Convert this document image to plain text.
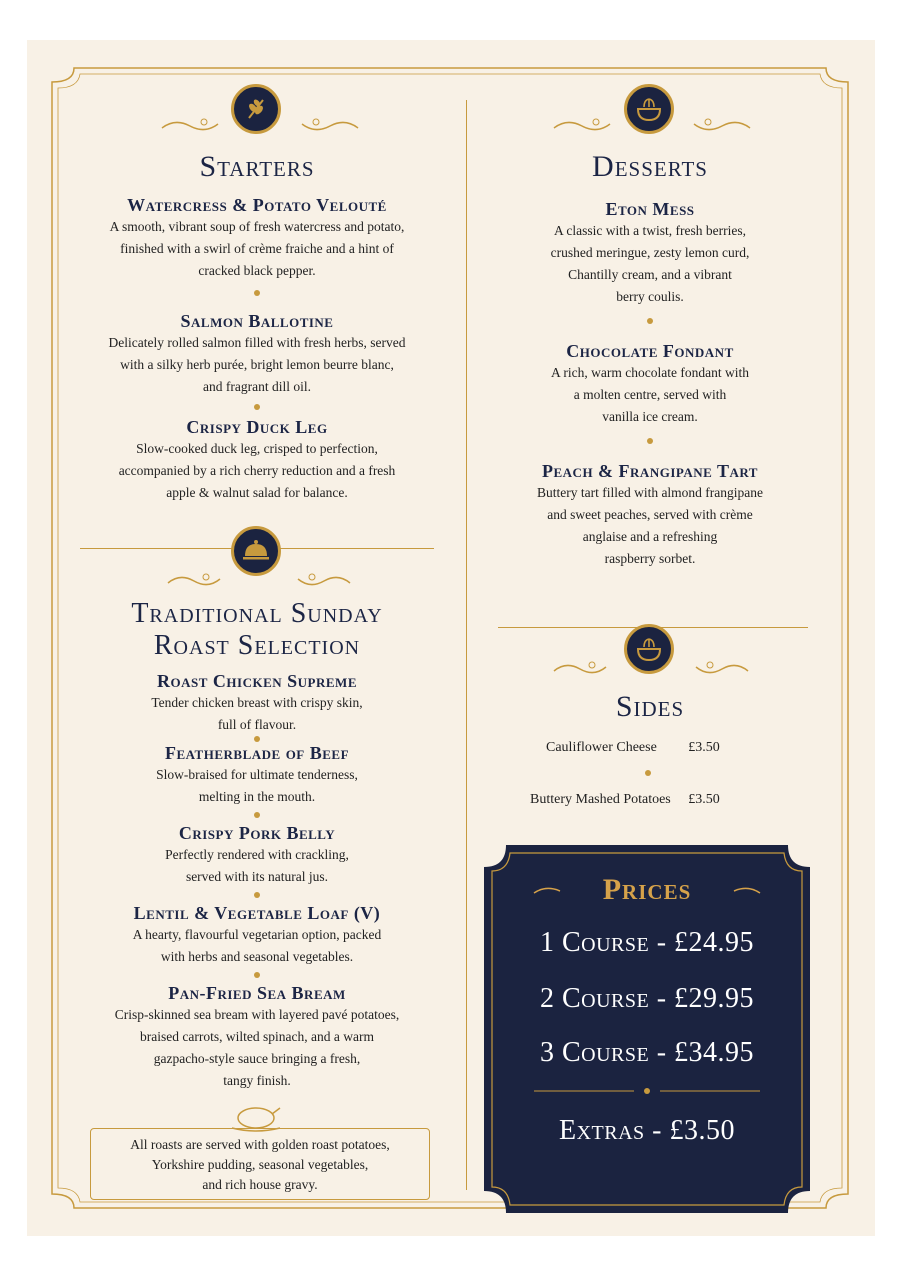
Starters
Watercress & Potato Velouté
A smooth, vibrant soup of fresh watercress and potato,
finished with a swirl of crème fraiche and a hint of
cracked black pepper.
Salmon Ballotine
Delicately rolled salmon filled with fresh herbs, served
with a silky herb purée, bright lemon beurre blanc,
and fragrant dill oil.
Crispy Duck Leg
Slow-cooked duck leg, crisped to perfection,
accompanied by a rich cherry reduction and a fresh
apple & walnut salad for balance.
Traditional Sunday
Roast Selection
Roast Chicken Supreme
Tender chicken breast with crispy skin,
full of flavour.
Featherblade of Beef
Slow-braised for ultimate tenderness,
melting in the mouth.
Crispy Pork Belly
Perfectly rendered with crackling,
served with its natural jus.
Lentil & Vegetable Loaf (V)
A hearty, flavourful vegetarian option, packed
with herbs and seasonal vegetables.
Pan-Fried Sea Bream
Crisp-skinned sea bream with layered pavé potatoes,
braised carrots, wilted spinach, and a warm
gazpacho-style sauce bringing a fresh,
tangy finish.
All roasts are served with golden roast potatoes,
Yorkshire pudding, seasonal vegetables,
and rich house gravy.
Desserts
Eton Mess
A classic with a twist, fresh berries,
crushed meringue, zesty lemon curd,
Chantilly cream, and a vibrant
berry coulis.
Chocolate Fondant
A rich, warm chocolate fondant with
a molten centre, served with
vanilla ice cream.
Peach & Frangipane Tart
Buttery tart filled with almond frangipane
and sweet peaches, served with crème
anglaise and a refreshing
raspberry sorbet.
Sides
Cauliflower Cheese £3.50
Buttery Mashed Potatoes £3.50
Prices
1 Course - £24.95
2 Course - £29.95
3 Course - £34.95
Extras - £3.50
